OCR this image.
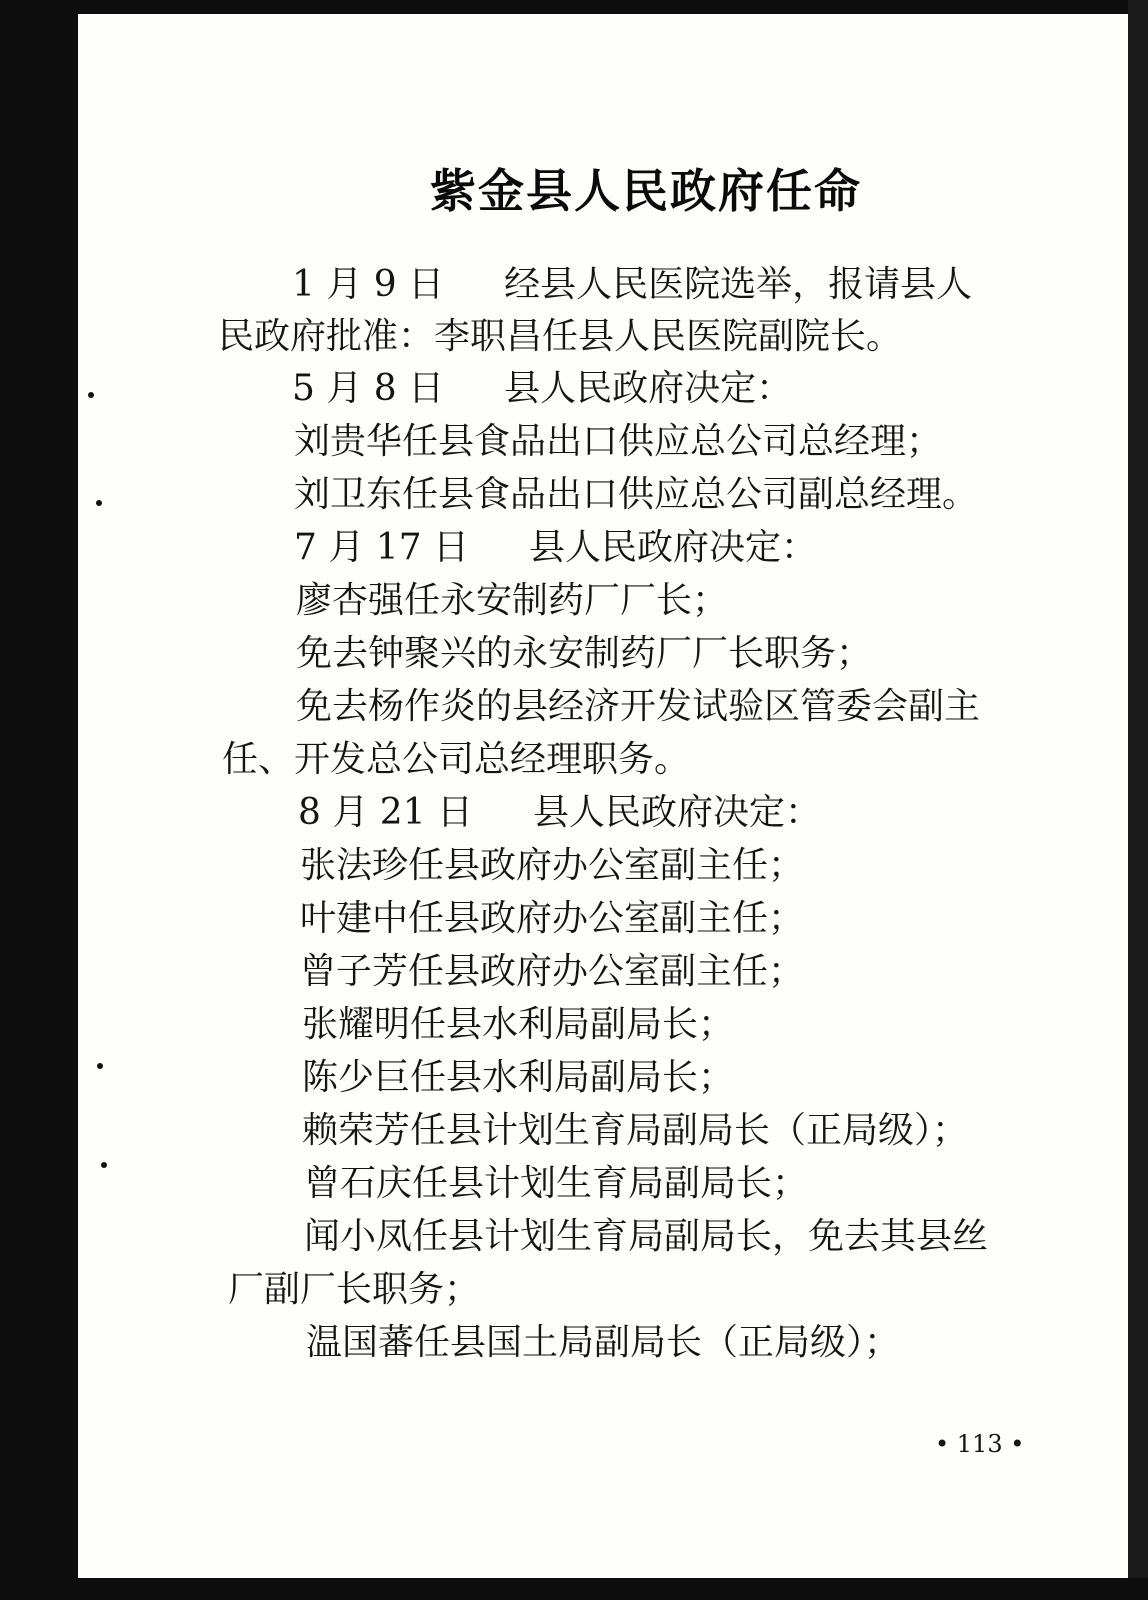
紫金县人民政府任命
1 月 9 日 经县人民医院选举，报请县人
民政府批准：李职昌任县人民医院副院长。
5 月 8 日 县人民政府决定：
刘贵华任县食品出口供应总公司总经理；
刘卫东任县食品出口供应总公司副总经理。
7 月 17 日 县人民政府决定：
廖杏强任永安制药厂厂长；
免去钟聚兴的永安制药厂厂长职务；
免去杨作炎的县经济开发试验区管委会副主
任、开发总公司总经理职务。
8 月 21 日 县人民政府决定：
张法珍任县政府办公室副主任；
叶建中任县政府办公室副主任；
曾子芳任县政府办公室副主任；
张耀明任县水利局副局长；
陈少巨任县水利局副局长；
赖荣芳任县计划生育局副局长（正局级）；
曾石庆任县计划生育局副局长；
闻小凤任县计划生育局副局长，免去其县丝
厂副厂长职务；
温国蕃任县国土局副局长（正局级）；
• 113 •
